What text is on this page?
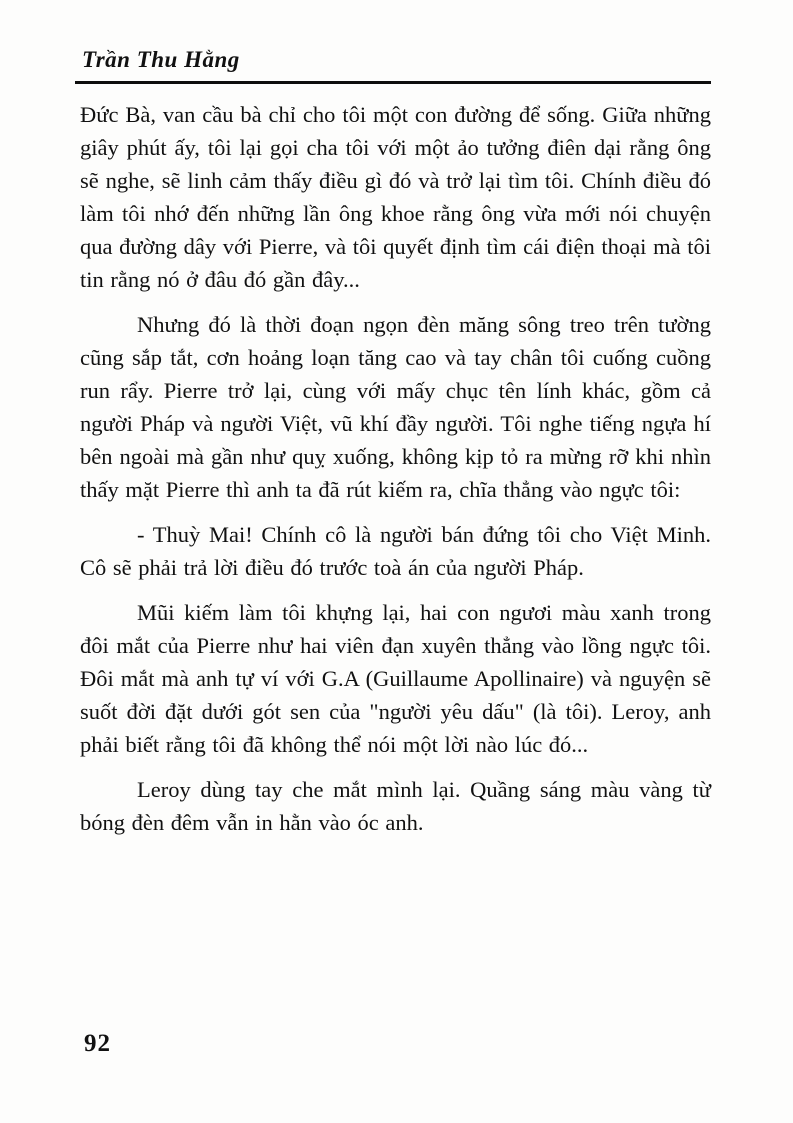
Trần Thu Hằng

Đức Bà, van cầu bà chỉ cho tôi một con đường để sống. Giữa những giây phút ấy, tôi lại gọi cha tôi với một ảo tưởng điên dại rằng ông sẽ nghe, sẽ linh cảm thấy điều gì đó và trở lại tìm tôi. Chính điều đó làm tôi nhớ đến những lần ông khoe rằng ông vừa mới nói chuyện qua đường dây với Pierre, và tôi quyết định tìm cái điện thoại mà tôi tin rằng nó ở đâu đó gần đây...

Nhưng đó là thời đoạn ngọn đèn măng sông treo trên tường cũng sắp tắt, cơn hoảng loạn tăng cao và tay chân tôi cuống cuồng run rẩy. Pierre trở lại, cùng với mấy chục tên lính khác, gồm cả người Pháp và người Việt, vũ khí đầy người. Tôi nghe tiếng ngựa hí bên ngoài mà gần như quỵ xuống, không kịp tỏ ra mừng rỡ khi nhìn thấy mặt Pierre thì anh ta đã rút kiếm ra, chĩa thẳng vào ngực tôi:

- Thuỳ Mai! Chính cô là người bán đứng tôi cho Việt Minh. Cô sẽ phải trả lời điều đó trước toà án của người Pháp.

Mũi kiếm làm tôi khựng lại, hai con ngươi màu xanh trong đôi mắt của Pierre như hai viên đạn xuyên thẳng vào lồng ngực tôi. Đôi mắt mà anh tự ví với G.A (Guillaume Apollinaire) và nguyện sẽ suốt đời đặt dưới gót sen của "người yêu dấu" (là tôi). Leroy, anh phải biết rằng tôi đã không thể nói một lời nào lúc đó...

Leroy dùng tay che mắt mình lại. Quầng sáng màu vàng từ bóng đèn đêm vẫn in hằn vào óc anh.

92
